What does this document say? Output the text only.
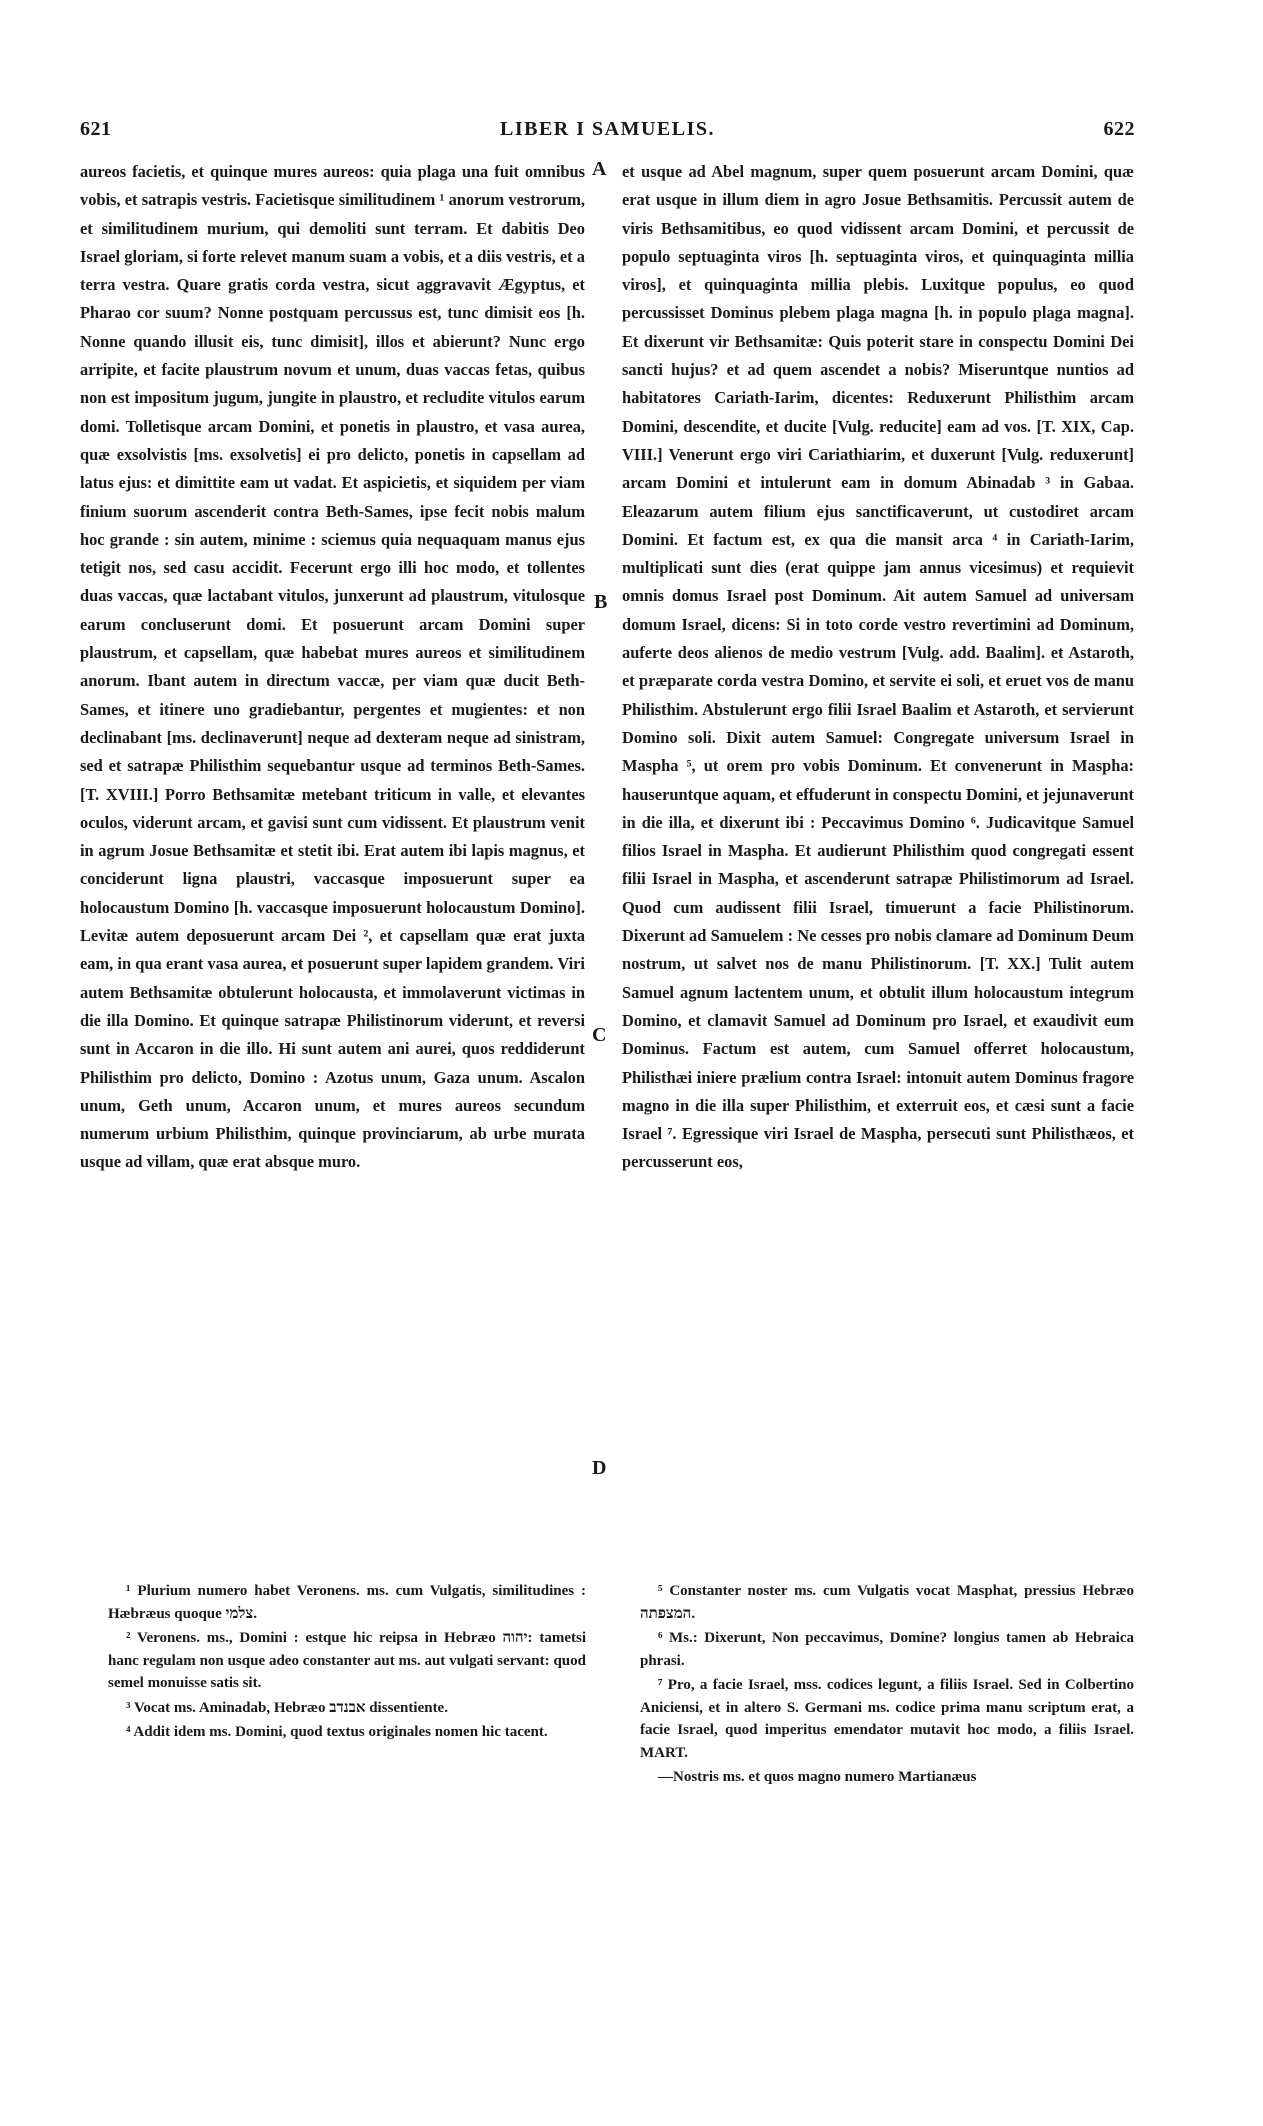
621	LIBER I SAMUELIS.	622

aureos facietis, et quinque mures aureos: quia plaga una fuit omnibus vobis, et satrapis vestris. Facietisque similitudinem ¹ anorum vestrorum, et similitudinem murium, qui demoliti sunt terram. Et dabitis Deo Israel gloriam, si forte relevet manum suam a vobis, et a diis vestris, et a terra vestra. Quare gratis corda vestra, sicut aggravavit Ægyptus, et Pharao cor suum? Nonne postquam percussus est, tunc dimisit eos [h. Nonne quando illusit eis, tunc dimisit], illos et abierunt? Nunc ergo arripite, et facite plaustrum novum et unum, duas vaccas fetas, quibus non est impositum jugum, jungite in plaustro, et recludite vitulos earum domi. Tolletisque arcam Domini, et ponetis in plaustro, et vasa aurea, quæ exsolvistis [ms. exsolvetis] ei pro delicto, ponetis in capsellam ad latus ejus: et dimittite eam ut vadat. Et aspicietis, et siquidem per viam finium suorum ascenderit contra Beth-Sames, ipse fecit nobis malum hoc grande : sin autem, minime : sciemus quia nequaquam manus ejus tetigit nos, sed casu accidit. Fecerunt ergo illi hoc modo, et tollentes duas vaccas, quæ lactabant vitulos, junxerunt ad plaustrum, vitulosque earum concluserunt domi. Et posuerunt arcam Domini super plaustrum, et capsellam, quæ habebat mures aureos et similitudinem anorum. Ibant autem in directum vaccæ, per viam quæ ducit Beth-Sames, et itinere uno gradiebantur, pergentes et mugientes: et non declinabant [ms. declinaverunt] neque ad dexteram neque ad sinistram, sed et satrapæ Philisthim sequebantur usque ad terminos Beth-Sames. [T. XVIII.] Porro Bethsamitæ metebant triticum in valle, et elevantes oculos, viderunt arcam, et gavisi sunt cum vidissent. Et plaustrum venit in agrum Josue Bethsamitæ et stetit ibi. Erat autem ibi lapis magnus, et conciderunt ligna plaustri, vaccasque imposuerunt super ea holocaustum Domino [h. vaccasque imposuerunt holocaustum Domino]. Levitæ autem deposuerunt arcam Dei ², et capsellam quæ erat juxta eam, in qua erant vasa aurea, et posuerunt super lapidem grandem. Viri autem Bethsamitæ obtulerunt holocausta, et immolaverunt victimas in die illa Domino. Et quinque satrapæ Philistinorum viderunt, et reversi sunt in Accaron in die illo. Hi sunt autem ani aurei, quos reddiderunt Philisthim pro delicto, Domino : Azotus unum, Gaza unum. Ascalon unum, Geth unum, Accaron unum, et mures aureos secundum numerum urbium Philisthim, quinque provinciarum, ab urbe murata usque ad villam, quæ erat absque muro.

A
B
C
D

et usque ad Abel magnum, super quem posuerunt arcam Domini, quæ erat usque in illum diem in agro Josue Bethsamitis. Percussit autem de viris Bethsamitibus, eo quod vidissent arcam Domini, et percussit de populo septuaginta viros [h. septuaginta viros, et quinquaginta millia viros], et quinquaginta millia plebis. Luxitque populus, eo quod percussisset Dominus plebem plaga magna [h. in populo plaga magna]. Et dixerunt vir Bethsamitæ: Quis poterit stare in conspectu Domini Dei sancti hujus? et ad quem ascendet a nobis? Miseruntque nuntios ad habitatores Cariath-Iarim, dicentes: Reduxerunt Philisthim arcam Domini, descendite, et ducite [Vulg. reducite] eam ad vos. [T. XIX, Cap. VIII.] Venerunt ergo viri Cariathiarim, et duxerunt [Vulg. reduxerunt] arcam Domini et intulerunt eam in domum Abinadab ³ in Gabaa. Eleazarum autem filium ejus sanctificaverunt, ut custodiret arcam Domini. Et factum est, ex qua die mansit arca ⁴ in Cariath-Iarim, multiplicati sunt dies (erat quippe jam annus vicesimus) et requievit omnis domus Israel post Dominum. Ait autem Samuel ad universam domum Israel, dicens: Si in toto corde vestro revertimini ad Dominum, auferte deos alienos de medio vestrum [Vulg. add. Baalim]. et Astaroth, et præparate corda vestra Domino, et servite ei soli, et eruet vos de manu Philisthim. Abstulerunt ergo filii Israel Baalim et Astaroth, et servierunt Domino soli. Dixit autem Samuel: Congregate universum Israel in Maspha ⁵, ut orem pro vobis Dominum. Et convenerunt in Maspha: hauseruntque aquam, et effuderunt in conspectu Domini, et jejunaverunt in die illa, et dixerunt ibi : Peccavimus Domino ⁶. Judicavitque Samuel filios Israel in Maspha. Et audierunt Philisthim quod congregati essent filii Israel in Maspha, et ascenderunt satrapæ Philistimorum ad Israel. Quod cum audissent filii Israel, timuerunt a facie Philistinorum. Dixerunt ad Samuelem : Ne cesses pro nobis clamare ad Dominum Deum nostrum, ut salvet nos de manu Philistinorum. [T. XX.] Tulit autem Samuel agnum lactentem unum, et obtulit illum holocaustum integrum Domino, et clamavit Samuel ad Dominum pro Israel, et exaudivit eum Dominus. Factum est autem, cum Samuel offerret holocaustum, Philisthæi iniere prælium contra Israel: intonuit autem Dominus fragore magno in die illa super Philisthim, et exterruit eos, et cæsi sunt a facie Israel ⁷. Egressique viri Israel de Maspha, persecuti sunt Philisthæos, et percusserunt eos,

¹ Plurium numero habet Veronens. ms. cum Vulgatis, similitudines : Hæbræus quoque צלמי.

² Veronens. ms., Domini : estque hic reipsa in Hebræo יהוה: tametsi hanc regulam non usque adeo constanter aut ms. aut vulgati servant: quod semel monuisse satis sit.

³ Vocat ms. Aminadab, Hebræo אבנדב dissentiente.

⁴ Addit idem ms. Domini, quod textus originales nomen hic tacent.

⁵ Constanter noster ms. cum Vulgatis vocat Masphat, pressius Hebræo המצפתה.

⁶ Ms.: Dixerunt, Non peccavimus, Domine? longius tamen ab Hebraica phrasi.

⁷ Pro, a facie Israel, mss. codices legunt, a filiis Israel. Sed in Colbertino Aniciensi, et in altero S. Germani ms. codice prima manu scriptum erat, a facie Israel, quod imperitus emendator mutavit hoc modo, a filiis Israel. MART.

—Nostris ms. et quos magno numero Martianæus
